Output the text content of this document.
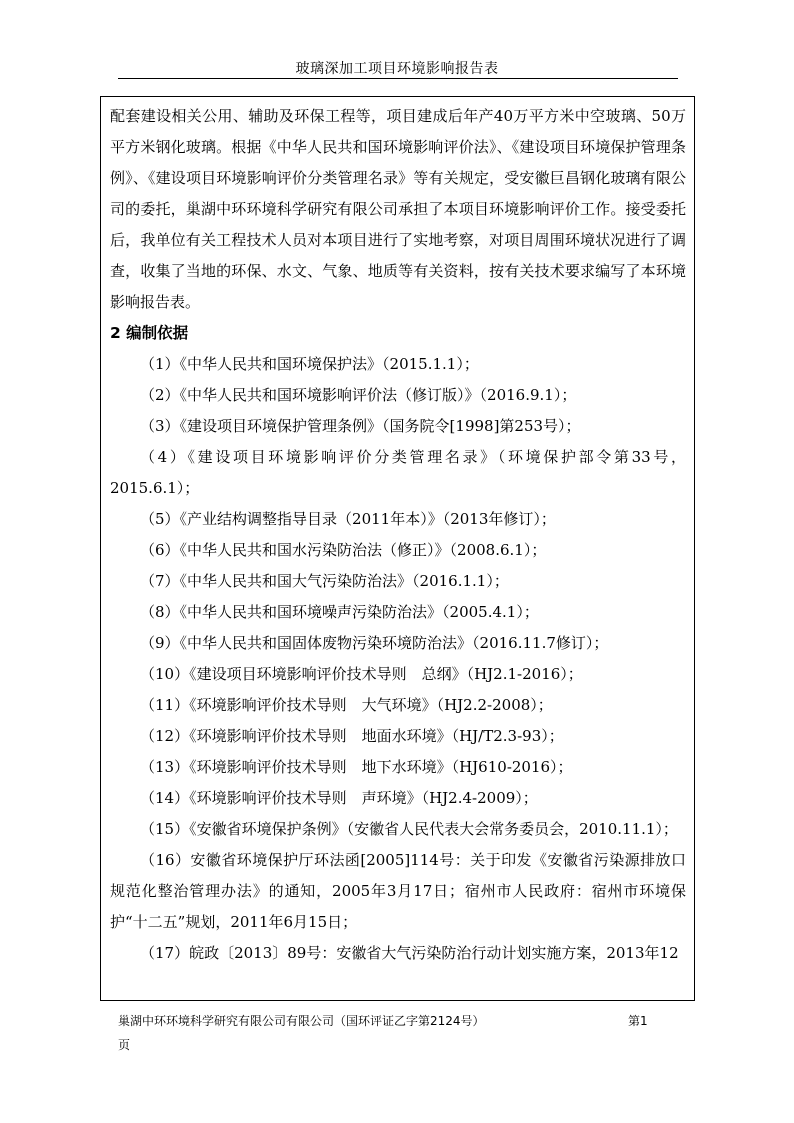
玻璃深加工项目环境影响报告表

配套建设相关公用、辅助及环保工程等，项目建成后年产40万平方米中空玻璃、50万平方米钢化玻璃。根据《中华人民共和国环境影响评价法》、《建设项目环境保护管理条例》、《建设项目环境影响评价分类管理名录》等有关规定，受安徽巨昌钢化玻璃有限公司的委托，巢湖中环环境科学研究有限公司承担了本项目环境影响评价工作。接受委托后，我单位有关工程技术人员对本项目进行了实地考察，对项目周围环境状况进行了调查，收集了当地的环保、水文、气象、地质等有关资料，按有关技术要求编写了本环境影响报告表。

2 编制依据

（1）《中华人民共和国环境保护法》（2015.1.1）；
（2）《中华人民共和国环境影响评价法（修订版）》（2016.9.1）；
（3）《建设项目环境保护管理条例》（国务院令[1998]第253号）；
（4）《建设项目环境影响评价分类管理名录》（环境保护部令第33号，2015.6.1）；
（5）《产业结构调整指导目录（2011年本）》（2013年修订）；
（6）《中华人民共和国水污染防治法（修正）》（2008.6.1）；
（7）《中华人民共和国大气污染防治法》（2016.1.1）；
（8）《中华人民共和国环境噪声污染防治法》（2005.4.1）；
（9）《中华人民共和国固体废物污染环境防治法》（2016.11.7修订）；
（10）《建设项目环境影响评价技术导则　总纲》（HJ2.1-2016）；
（11）《环境影响评价技术导则　大气环境》（HJ2.2-2008）；
（12）《环境影响评价技术导则　地面水环境》（HJ/T2.3-93）；
（13）《环境影响评价技术导则　地下水环境》（HJ610-2016）；
（14）《环境影响评价技术导则　声环境》（HJ2.4-2009）；
（15）《安徽省环境保护条例》（安徽省人民代表大会常务委员会，2010.11.1）；
（16）安徽省环境保护厅环法函[2005]114号：关于印发《安徽省污染源排放口规范化整治管理办法》的通知，2005年3月17日；宿州市人民政府：宿州市环境保护“十二五”规划，2011年6月15日；
（17）皖政〔2013〕89号：安徽省大气污染防治行动计划实施方案，2013年12
巢湖中环环境科学研究有限公司有限公司（国环评证乙字第2124号）	第1
页
